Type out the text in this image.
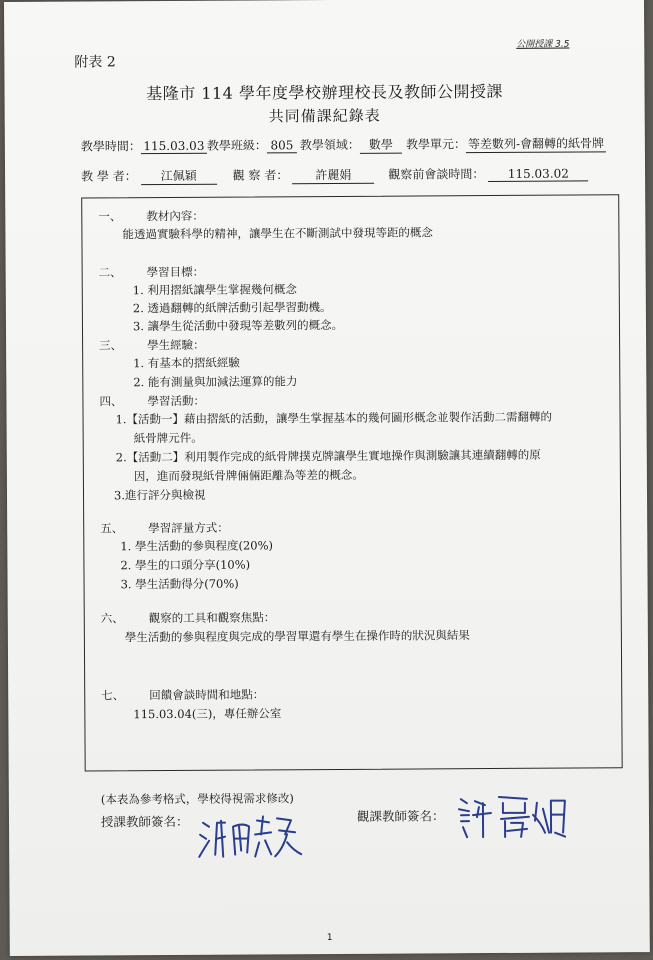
公開授課 3.5
附表 2
基隆市 114 學年度學校辦理校長及教師公開授課
共同備課紀錄表
教學時間： 115.03.03 教學班級： 805 教學領域： 數學 教學單元： 等差數列-會翻轉的紙骨牌
教 學 者： 江佩穎	觀 察 者： 許麗娟	觀察前會談時間： 115.03.02
一、 教材內容：
能透過實驗科學的精神，讓學生在不斷測試中發現等距的概念
二、 學習目標：
1. 利用摺紙讓學生掌握幾何概念
2. 透過翻轉的紙牌活動引起學習動機。
3. 讓學生從活動中發現等差數列的概念。
三、 學生經驗：
1. 有基本的摺紙經驗
2. 能有測量與加減法運算的能力
四、 學習活動：
1.【活動一】藉由摺紙的活動，讓學生掌握基本的幾何圖形概念並製作活動二需翻轉的
紙骨牌元件。
2.【活動二】利用製作完成的紙骨牌撲克牌讓學生實地操作與測驗讓其連續翻轉的原
因，進而發現紙骨牌倆倆距離為等差的概念。
3.進行評分與檢視
五、 學習評量方式：
1. 學生活動的參與程度(20%)
2. 學生的口頭分享(10%)
3. 學生活動得分(70%)
六、 觀察的工具和觀察焦點：
學生活動的參與程度與完成的學習單還有學生在操作時的狀況與結果
七、 回饋會談時間和地點：
115.03.04(三)，專任辦公室
(本表為參考格式，學校得視需求修改)
授課教師簽名：	觀課教師簽名：
1
